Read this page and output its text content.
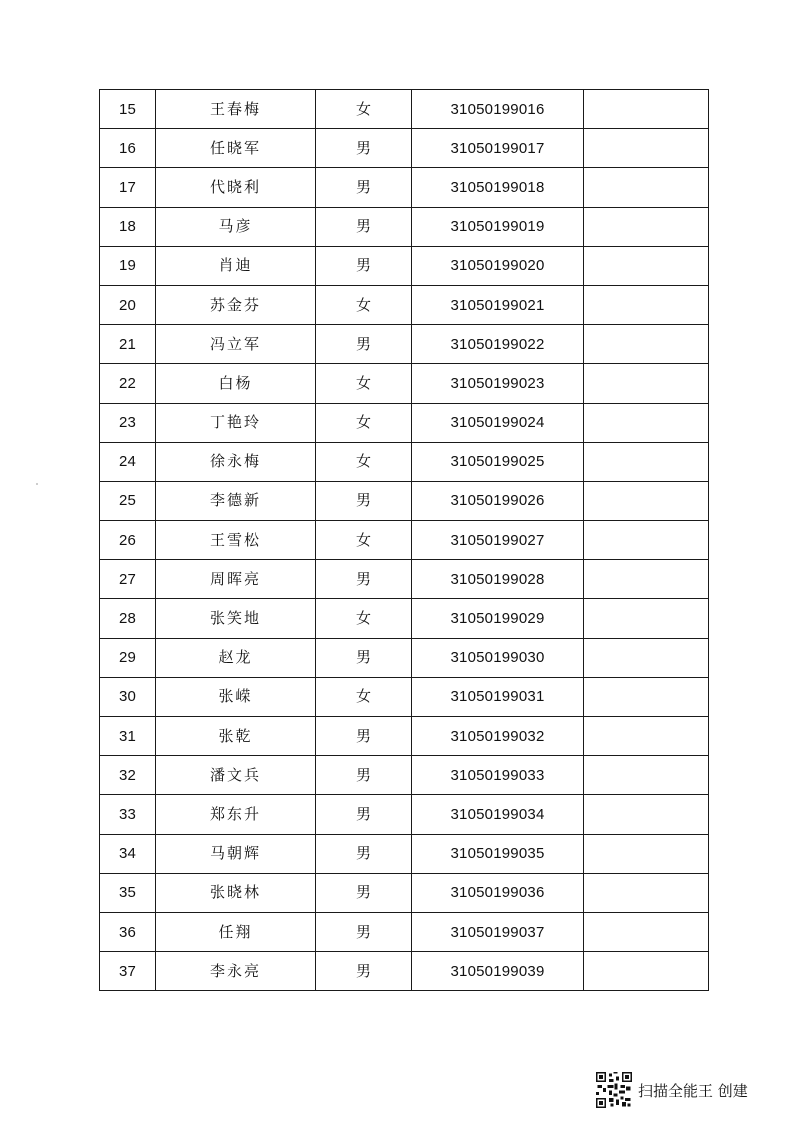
15	王春梅	女	31050199016	
16	任晓军	男	31050199017	
17	代晓利	男	31050199018	
18	马彦	男	31050199019	
19	肖迪	男	31050199020	
20	苏金芬	女	31050199021	
21	冯立军	男	31050199022	
22	白杨	女	31050199023	
23	丁艳玲	女	31050199024	
24	徐永梅	女	31050199025	
25	李德新	男	31050199026	
26	王雪松	女	31050199027	
27	周晖亮	男	31050199028	
28	张笑地	女	31050199029	
29	赵龙	男	31050199030	
30	张嵘	女	31050199031	
31	张乾	男	31050199032	
32	潘文兵	男	31050199033	
33	郑东升	男	31050199034	
34	马朝辉	男	31050199035	
35	张晓林	男	31050199036	
36	任翔	男	31050199037	
37	李永亮	男	31050199039	
扫描全能王 创建
